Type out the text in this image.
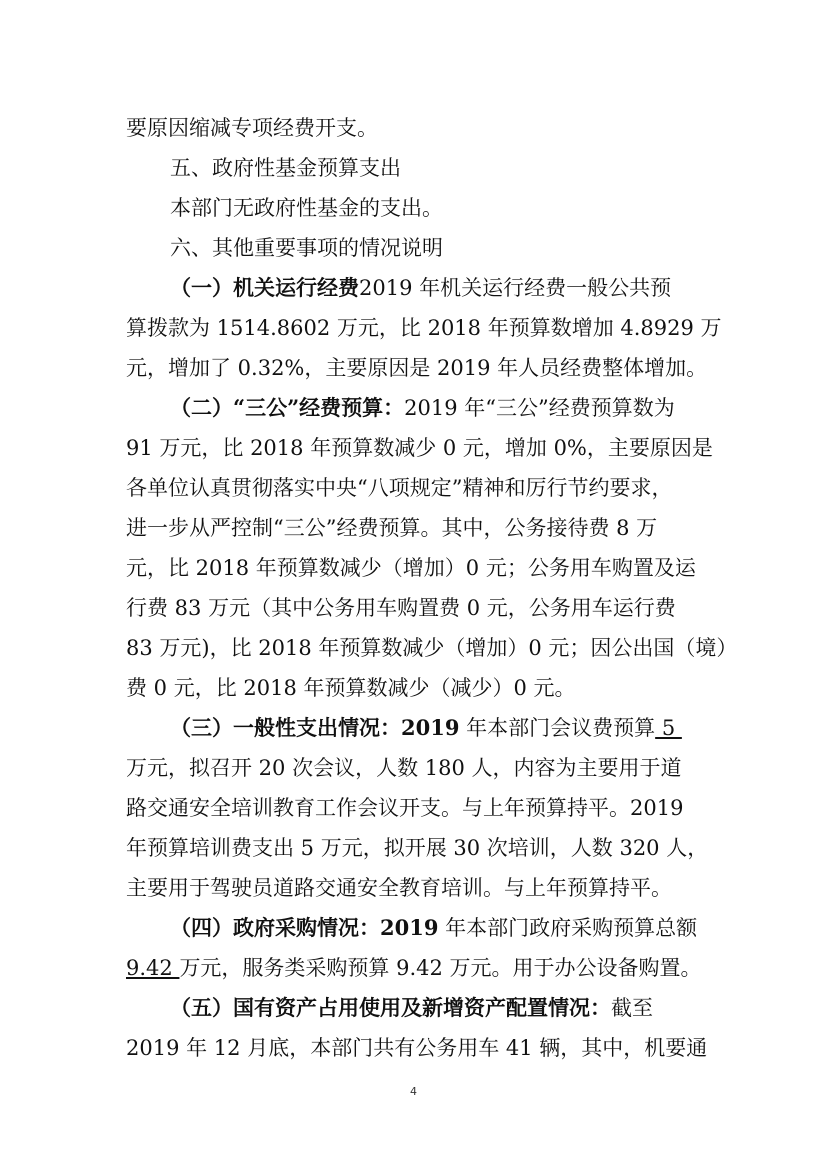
要原因缩减专项经费开支。
五、政府性基金预算支出
本部门无政府性基金的支出。
六、其他重要事项的情况说明
（一）机关运行经费2019 年机关运行经费一般公共预
算拨款为 1514.8602 万元，比 2018 年预算数增加 4.8929 万
元，增加了 0.32%，主要原因是 2019 年人员经费整体增加。
（二）“三公”经费预算：2019 年“三公”经费预算数为
91 万元，比 2018 年预算数减少 0 元，增加 0%，主要原因是
各单位认真贯彻落实中央“八项规定”精神和厉行节约要求，
进一步从严控制“三公”经费预算。其中，公务接待费 8 万
元，比 2018 年预算数减少（增加）0 元；公务用车购置及运
行费 83 万元（其中公务用车购置费 0 元，公务用车运行费
83 万元)，比 2018 年预算数减少（增加）0 元；因公出国（境）
费 0 元，比 2018 年预算数减少（减少）0 元。
（三）一般性支出情况：2019 年本部门会议费预算 5
万元，拟召开 20 次会议，人数 180 人，内容为主要用于道
路交通安全培训教育工作会议开支。与上年预算持平。2019
年预算培训费支出 5 万元，拟开展 30 次培训，人数 320 人，
主要用于驾驶员道路交通安全教育培训。与上年预算持平。
（四）政府采购情况：2019 年本部门政府采购预算总额
9.42 万元，服务类采购预算 9.42 万元。用于办公设备购置。
（五）国有资产占用使用及新增资产配置情况：截至
2019 年 12 月底，本部门共有公务用车 41 辆，其中，机要通
4
